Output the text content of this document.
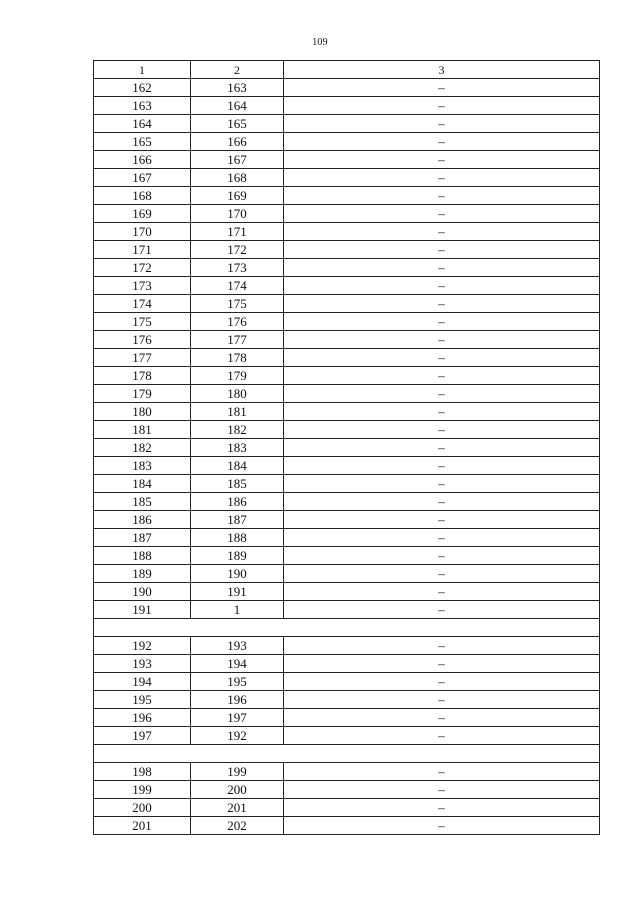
109
1	2	3
162	163	–
163	164	–
164	165	–
165	166	–
166	167	–
167	168	–
168	169	–
169	170	–
170	171	–
171	172	–
172	173	–
173	174	–
174	175	–
175	176	–
176	177	–
177	178	–
178	179	–
179	180	–
180	181	–
181	182	–
182	183	–
183	184	–
184	185	–
185	186	–
186	187	–
187	188	–
188	189	–
189	190	–
190	191	–
191	1	–

192	193	–
193	194	–
194	195	–
195	196	–
196	197	–
197	192	–

198	199	–
199	200	–
200	201	–
201	202	–
